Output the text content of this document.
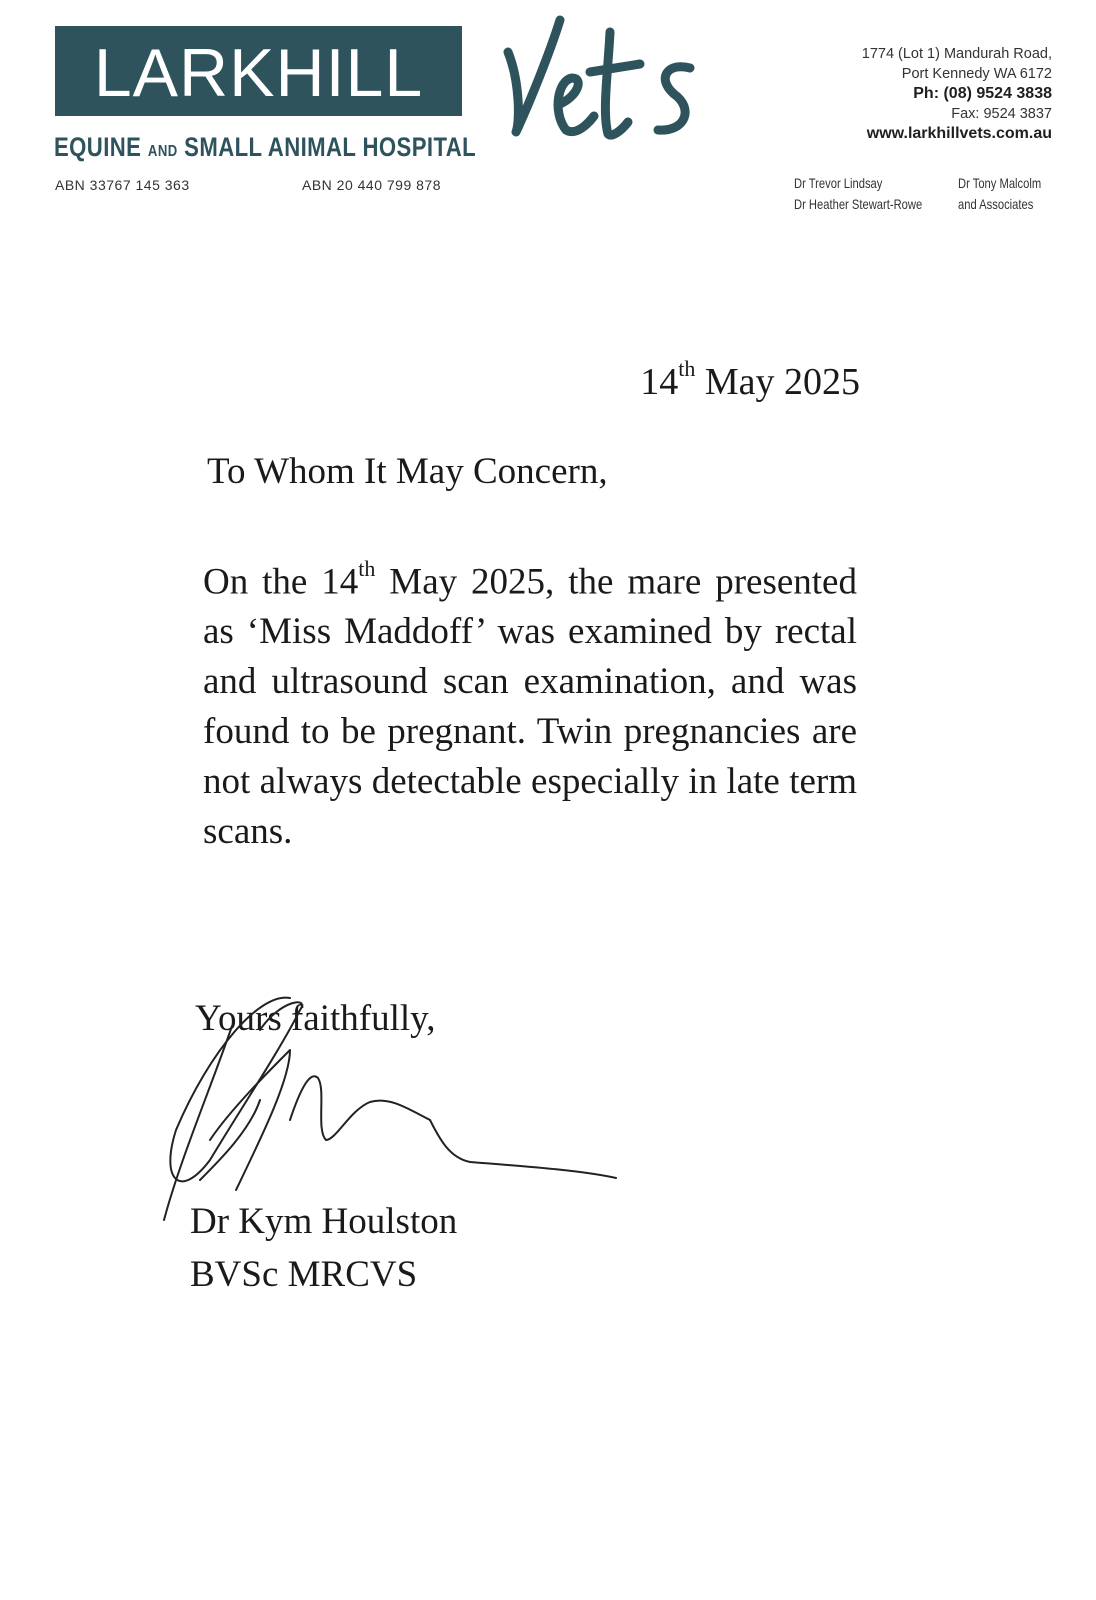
LARKHILL
EQUINE AND SMALL ANIMAL HOSPITAL
ABN 33767 145 363	ABN 20 440 799 878
1774 (Lot 1) Mandurah Road,
Port Kennedy WA 6172
Ph: (08) 9524 3838
Fax: 9524 3837
www.larkhillvets.com.au
Dr Trevor Lindsay
Dr Heather Stewart-Rowe
Dr Tony Malcolm
and Associates
14th May 2025
To Whom It May Concern,
On the 14th May 2025, the mare presented as ‘Miss Maddoff’ was examined by rectal and ultrasound scan examination, and was found to be pregnant. Twin pregnancies are not always detectable especially in late term scans.
Yours faithfully,
Dr Kym Houlston
BVSc MRCVS
